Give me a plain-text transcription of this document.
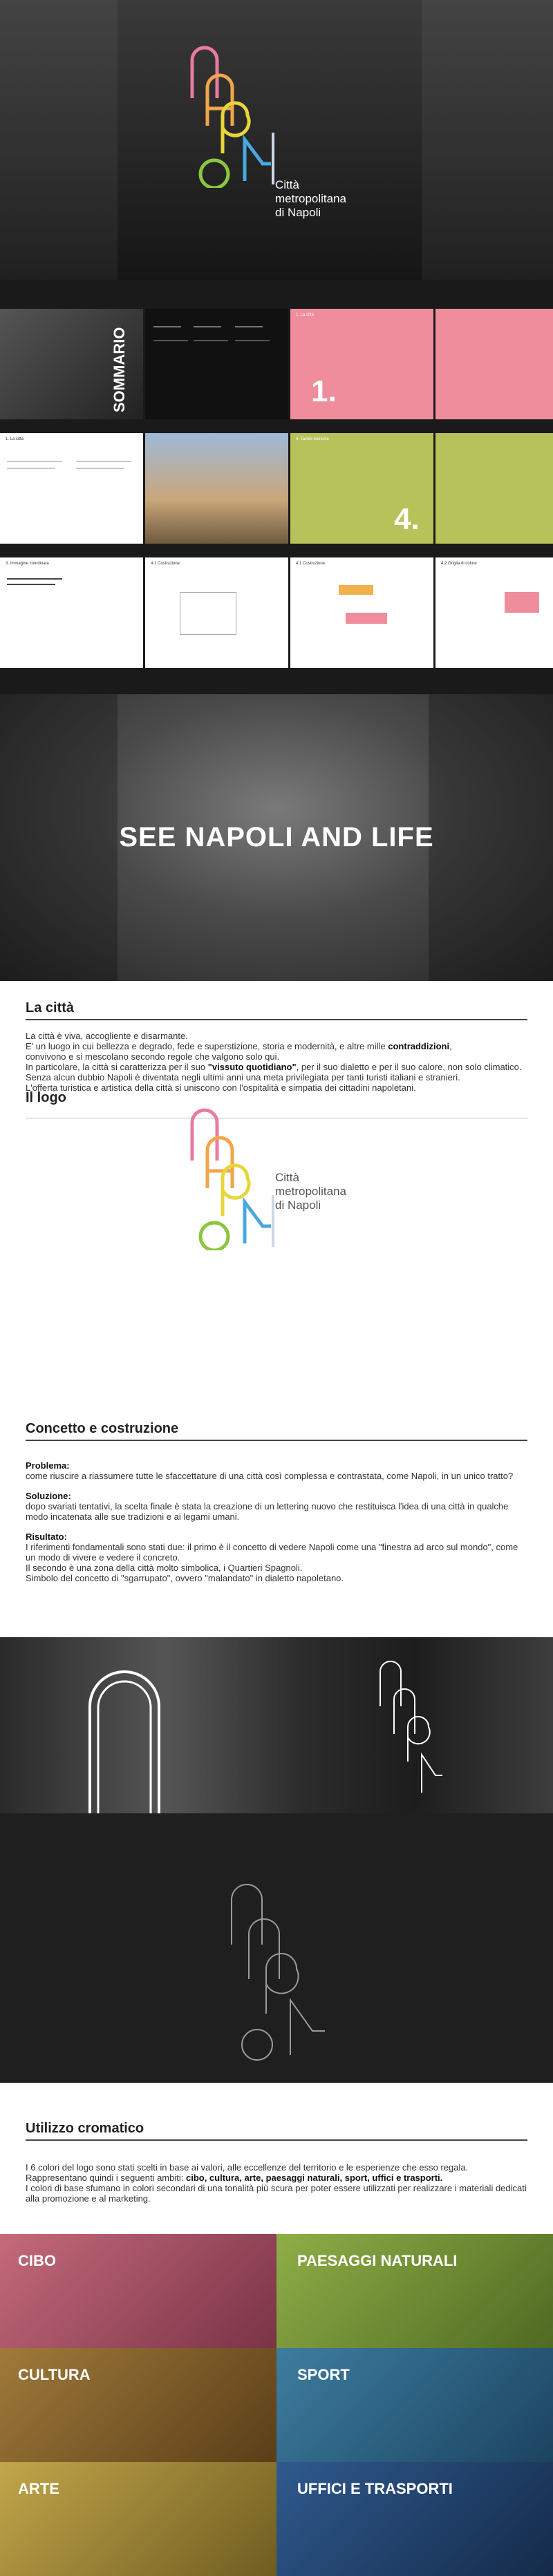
Città
metropolitana
di Napoli
SOMMARIO
1. La città
1.
1. La città	4. Tavole tecniche
4.
3. Immagine coordinata	4.1 Costruzione	4.1 Costruzione	4.2 Griglia di colore
SEE NAPOLI AND LIFE
La città
La città è viva, accogliente e disarmante.
E' un luogo in cui bellezza e degrado, fede e superstizione, storia e modernità, e altre mille contraddizioni,
convivono e si mescolano secondo regole che valgono solo qui.
In particolare, la città si caratterizza per il suo "vissuto quotidiano", per il suo dialetto e per il suo calore, non solo climatico.
Senza alcun dubbio Napoli è diventata negli ultimi anni una meta privilegiata per tanti turisti italiani e stranieri.
L'offerta turistica e artistica della città si uniscono con l'ospitalità e simpatia dei cittadini napoletani.
Il logo
Città
metropolitana
di Napoli
Concetto e costruzione
Problema:
come riuscire a riassumere tutte le sfaccettature di una città così complessa e contrastata, come Napoli, in un unico tratto?
Soluzione:
dopo svariati tentativi, la scelta finale è stata la creazione di un lettering nuovo che restituisca l'idea di una città in qualche modo incatenata alle sue tradizioni e ai legami umani.
Risultato:
I riferimenti fondamentali sono stati due: il primo è il concetto di vedere Napoli come una "finestra ad arco sul mondo", come un modo di vivere e vedere il concreto.
Il secondo è una zona della città molto simbolica, i Quartieri Spagnoli.
Simbolo del concetto di "sgarrupato", ovvero "malandato" in dialetto napoletano.
Utilizzo cromatico
I 6 colori del logo sono stati scelti in base ai valori, alle eccellenze del territorio e le esperienze che esso regala.
Rappresentano quindi i seguenti ambiti: cibo, cultura, arte, paesaggi naturali, sport, uffici e trasporti.
I colori di base sfumano in colori secondari di una tonalità più scura per poter essere utilizzati per realizzare i materiali dedicati alla promozione e al marketing.
CIBO	PAESAGGI NATURALI
CULTURA	SPORT
ARTE	UFFICI E TRASPORTI
